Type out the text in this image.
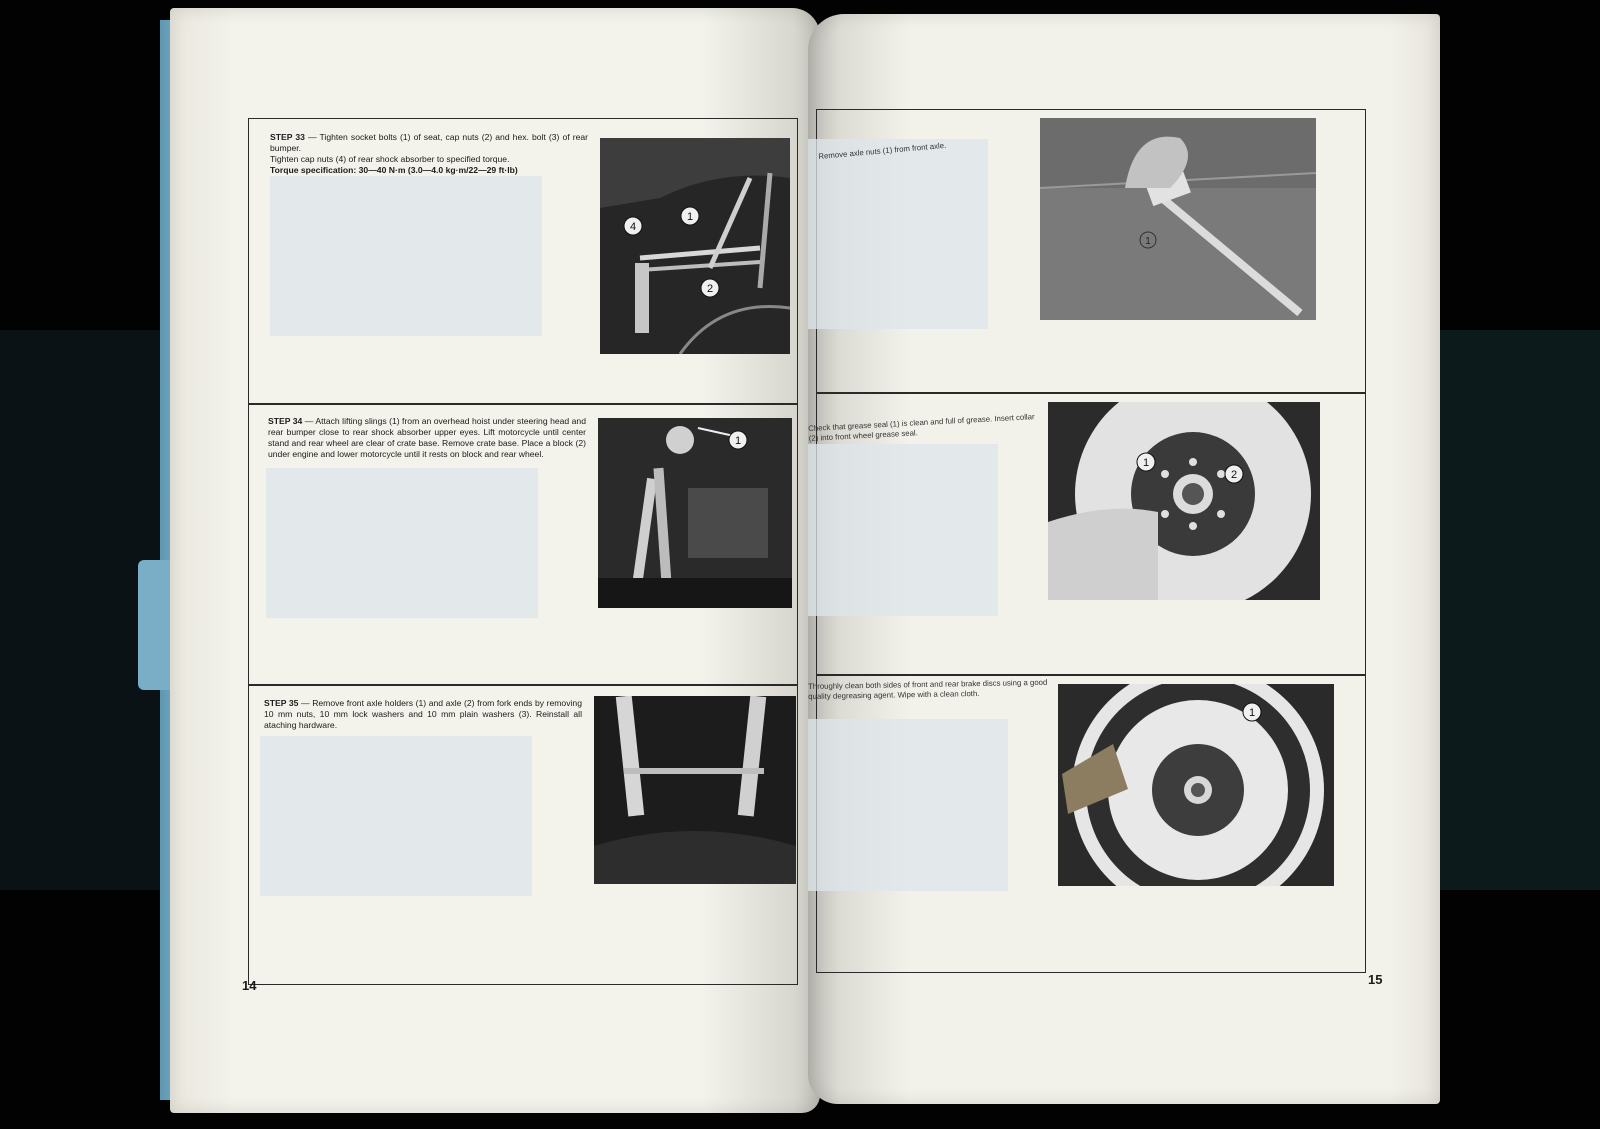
STEP 33 — Tighten socket bolts (1) of seat, cap nuts (2) and hex. bolt (3) of rear bumper.
Tighten cap nuts (4) of rear shock absorber to specified torque.
Torque specification: 30—40 N·m (3.0—4.0 kg·m/22—29 ft·lb)
4
1
2
STEP 34 — Attach lifting slings (1) from an overhead hoist under steering head and rear bumper close to rear shock absorber upper eyes. Lift motorcycle until center stand and rear wheel are clear of crate base. Remove crate base. Place a block (2) under engine and lower motorcycle until it rests on block and rear wheel.
1
STEP 35 — Remove front axle holders (1) and axle (2) from fork ends by removing 10 mm nuts, 10 mm lock washers and 10 mm plain washers (3). Reinstall all ataching hardware.
14
Remove axle nuts (1) from front axle.
1
Check that grease seal (1) is clean and full of grease. Insert collar (2) into front wheel grease seal.
1
2
Throughly clean both sides of front and rear brake discs using a good quality degreasing agent. Wipe with a clean cloth.
1
15
